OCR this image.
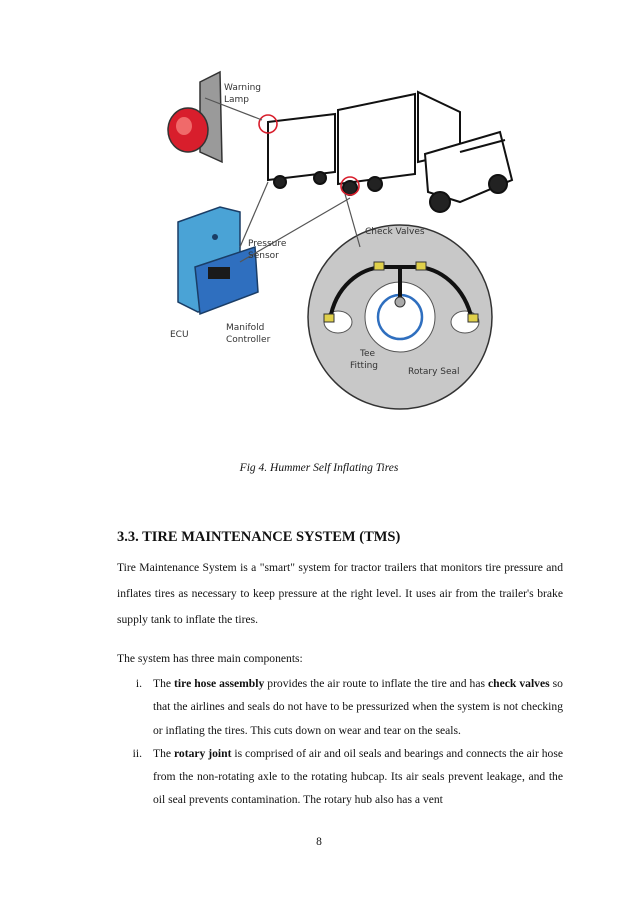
Warning
Lamp
Pressure
Sensor
ECU
Manifold
Controller
Check Valves
Tee
Fitting
Rotary Seal
Fig 4. Hummer Self Inflating Tires
3.3. TIRE MAINTENANCE SYSTEM (TMS)
Tire Maintenance System is a "smart" system for tractor trailers that monitors tire pressure and inflates tires as necessary to keep pressure at the right level. It uses air from the trailer's brake supply tank to inflate the tires.
The system has three main components:
i. The tire hose assembly provides the air route to inflate the tire and has check valves so that the airlines and seals do not have to be pressurized when the system is not checking or inflating the tires. This cuts down on wear and tear on the seals.
ii. The rotary joint is comprised of air and oil seals and bearings and connects the air hose from the non-rotating axle to the rotating hubcap. Its air seals prevent leakage, and the oil seal prevents contamination. The rotary hub also has a vent
8
